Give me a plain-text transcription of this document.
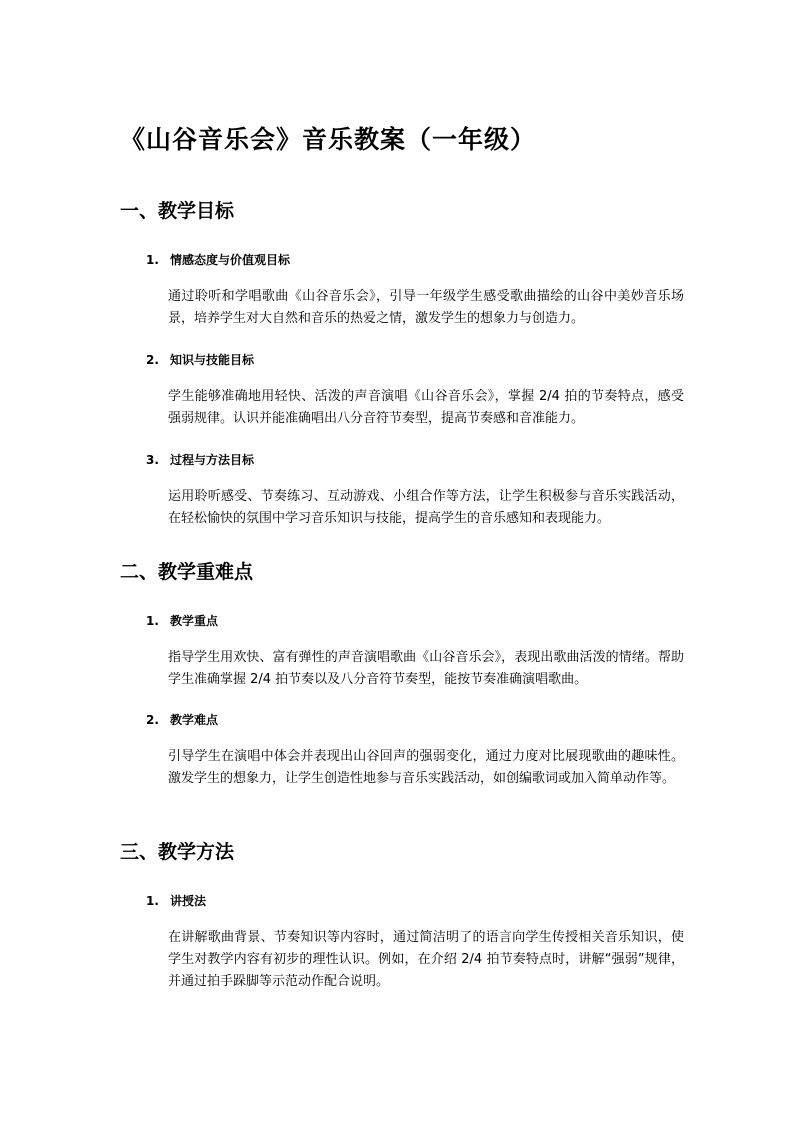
《山谷音乐会》音乐教案（一年级）
一、教学目标
1. 情感态度与价值观目标

通过聆听和学唱歌曲《山谷音乐会》，引导一年级学生感受歌曲描绘的山谷中美妙音乐场景，培养学生对大自然和音乐的热爱之情，激发学生的想象力与创造力。

2. 知识与技能目标

学生能够准确地用轻快、活泼的声音演唱《山谷音乐会》，掌握 2/4 拍的节奏特点，感受强弱规律。认识并能准确唱出八分音符节奏型，提高节奏感和音准能力。

3. 过程与方法目标

运用聆听感受、节奏练习、互动游戏、小组合作等方法，让学生积极参与音乐实践活动，在轻松愉快的氛围中学习音乐知识与技能，提高学生的音乐感知和表现能力。

二、教学重难点
1. 教学重点

指导学生用欢快、富有弹性的声音演唱歌曲《山谷音乐会》，表现出歌曲活泼的情绪。帮助学生准确掌握 2/4 拍节奏以及八分音符节奏型，能按节奏准确演唱歌曲。

2. 教学难点

引导学生在演唱中体会并表现出山谷回声的强弱变化，通过力度对比展现歌曲的趣味性。激发学生的想象力，让学生创造性地参与音乐实践活动，如创编歌词或加入简单动作等。

三、教学方法
1. 讲授法

在讲解歌曲背景、节奏知识等内容时，通过简洁明了的语言向学生传授相关音乐知识，使学生对教学内容有初步的理性认识。例如，在介绍 2/4 拍节奏特点时，讲解“强弱”规律，并通过拍手跺脚等示范动作配合说明。
